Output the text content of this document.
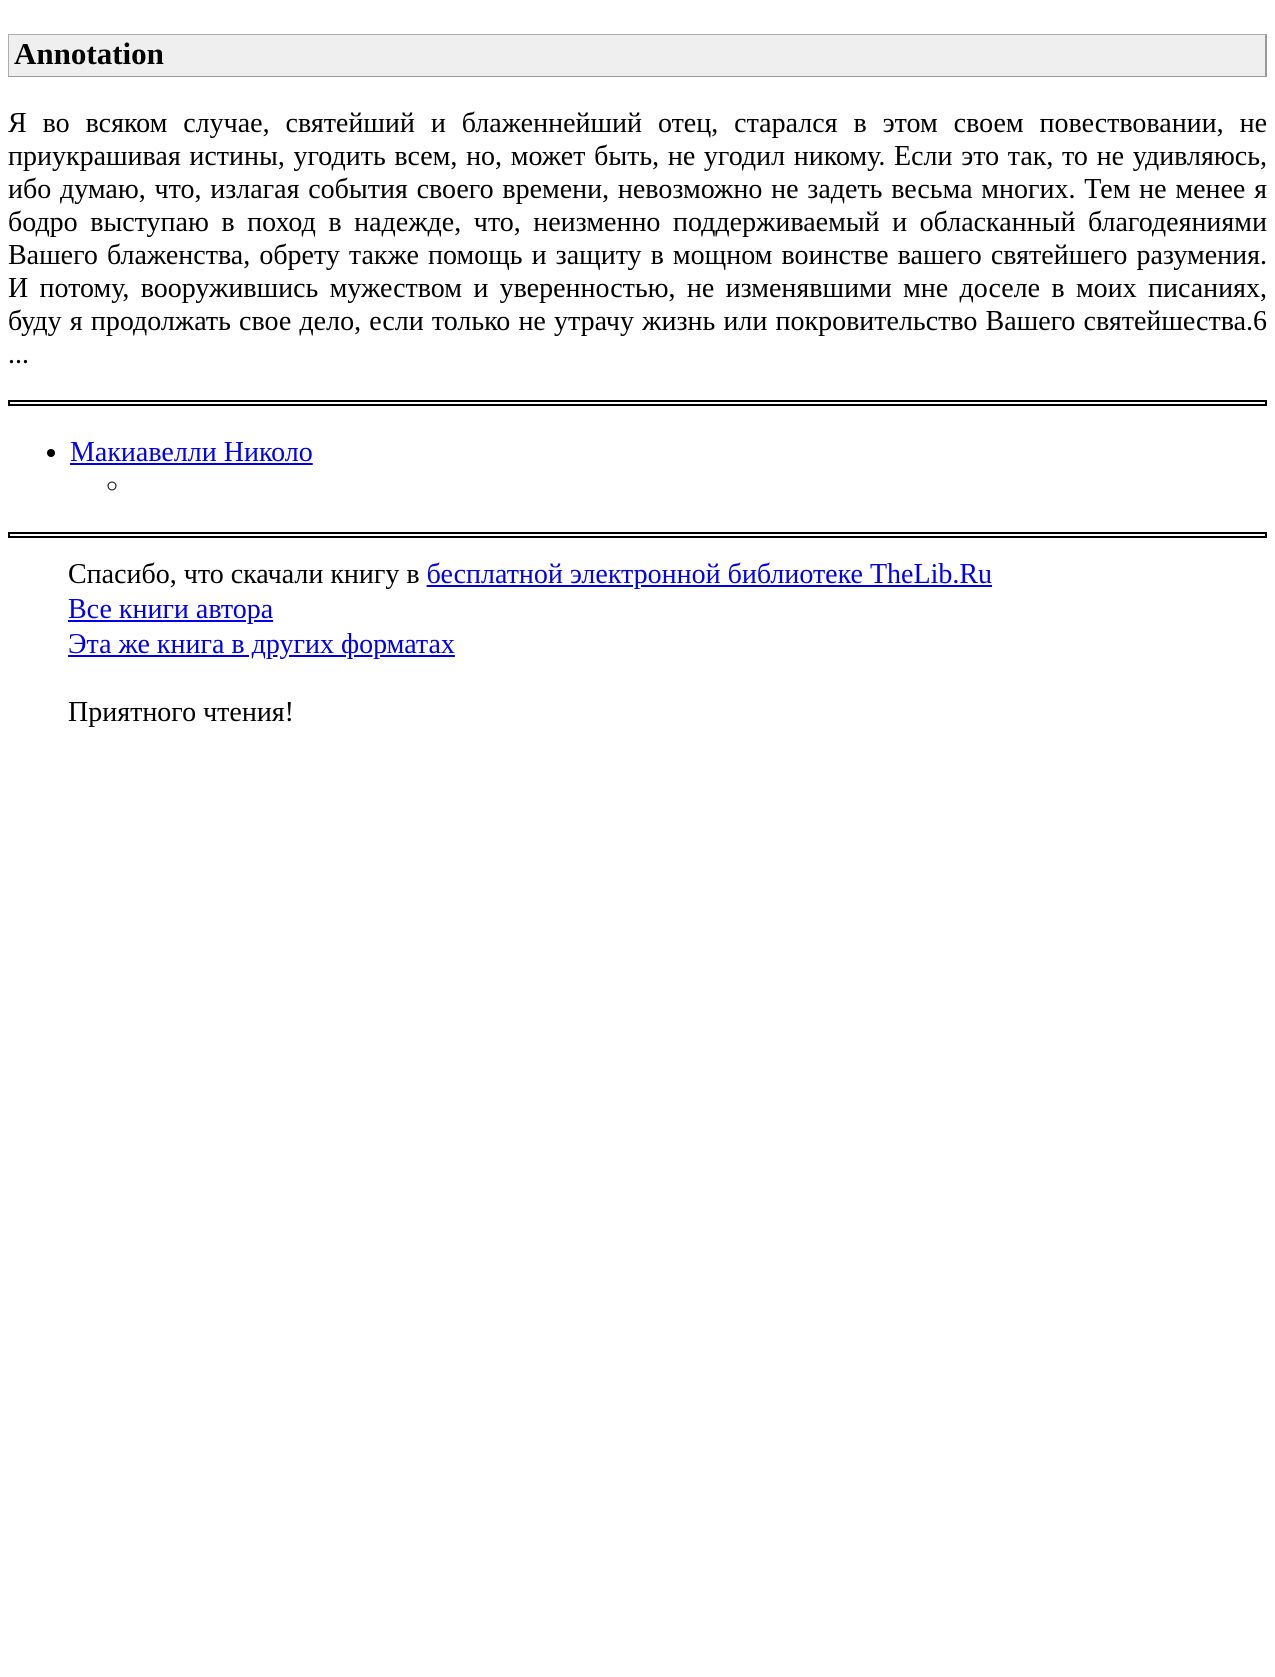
Annotation

Я во всяком случае, святейший и блаженнейший отец, старался в этом своем повествовании, не приукрашивая истины, угодить всем, но, может быть, не угодил никому. Если это так, то не удивляюсь, ибо думаю, что, излагая события своего времени, невозможно не задеть весьма многих. Тем не менее я бодро выступаю в поход в надежде, что, неизменно поддерживаемый и обласканный благодеяниями Вашего блаженства, обрету также помощь и защиту в мощном воинстве вашего святейшего разумения. И потому, вооружившись мужеством и уверенностью, не изменявшими мне доселе в моих писаниях, буду я продолжать свое дело, если только не утрачу жизнь или покровительство Вашего святейшества.6 ...

• Макиавелли Николо
◦
Спасибо, что скачали книгу в бесплатной электронной библиотеке TheLib.Ru
Все книги автора
Эта же книга в других форматах

Приятного чтения!
